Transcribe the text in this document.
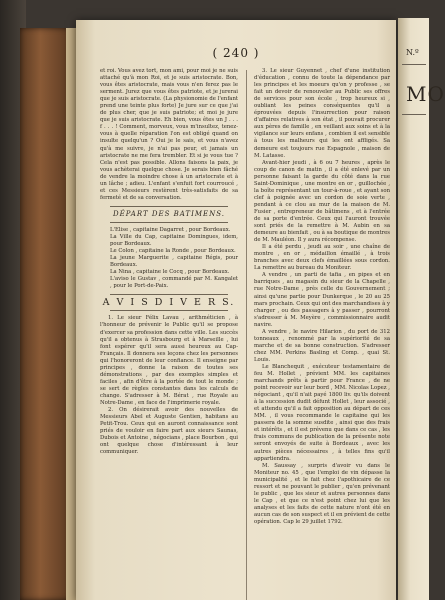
( 240 )

et roi. Vous avez tort, mon ami, pour moi je ne suis attaché qu'à mon Roi, et je suis aristocrate. Bon, vous êtes aristocrate, mais vous n'en ferez pas le serment. Jurez que vous êtes patriote, et je jurerai que je suis aristocrate. (La physionomie de l'enfant prend une teinte plus forte) Je jure sur ce que j'ai de plus cher, que je suis patriote; et moi je jure que je suis aristocrate. Eh bien, vous êtes un J . . . f . . . ! Comment, morveux, vous m'insultez, tenez-vous à quelle réparation l'on est obligé quand on insulte quelqu'un ? Oui je le sais, et vous n'avez qu'à me suivre, je n'ai pas peur, et jamais un aristocrate ne me fera trembler. Et si je vous tue ? Cela n'est pas possible. Allons faisons la paix, je vous achèterai quelque chose. Je serais bien fâché de vendre la moindre chose à un aristocrate et à un lâche ; adieu. L'enfant s'enfuit fort courroucé , et ces Messieurs restèrent très-satisfaits de sa fermeté et de sa conversation.

DÉPART DES BATIMENS.

L'Elise , capitaine Dagarret , pour Bordeaux.

La Ville du Cap, capitaine Domingues, idem, pour Bordeaux.

Le Colon , capitaine la Ronde , pour Bordeaux.

La jeune Marguerite , capitaine Régis, pour Bordeaux.

La Nina , capitaine le Cocq , pour Bordeaux.

L'aviso le Gustav , commandé par M. Kangalet , pour le Port-de-Paix.

A V I S D I V E R S.

1. Le sieur Félix Lavau , arithméticien , à l'honneur de prévenir le Public qu'il se propose d'exercer sa profession dans cette ville. Les succès qu'il a obtenus à Strasbourg et à Marseille , lui font espérer qu'il sera aussi heureux au Cap-Français. Il donnera ses leçons chez les personnes qui l'honoreront de leur confiance. Il enseigne par principes , donne la raison de toutes ses démonstrations , par des exemples simples et faciles , afin d'être à la portée de tout le monde ; se sert de règles constantes dans les calculs de change. S'adresser à M. Bérat , rue Royale au Notre-Dame , en face de l'imprimerie royale.

2. On désirerait avoir des nouvelles de Messieurs Abel et Auguste Gentien, habitans au Petit-Trou. Ceux qui en auront connaissance sont priés de vouloir en faire part aux sieurs Saunas, Dubois et Antoine , négocians , place Bourbon , qui ont quelque chose d'intéressant à leur communiquer.

3. Le sieur Guyennet , chef d'une institution d'éducation , connu de toute la dépendance par les principes et les moeurs qu'on y professe , se fait un devoir de renouveler au Public ses offres de services pour son école , trop heureux si , oubliant les peines conséquentes qu'il a éprouvées depuis l'insurrection pour raison d'affaires relatives à son état , il pouvait procurer aux pères de famille , en veillant aux soins et à la vigilance sur leurs enfans , combien il est sensible à tous les malheurs qui les ont affligés. Sa demeure est toujours rue Espagnole , maison de M. Latasse.

Avant-hier jeudi , à 6 ou 7 heures , après le coup de canon de matin , il a été enlevé par un personne faisant la garde du côté dans la rue Saint-Dominique , une montre en or , guillochée , la boîte représentant un tour-à-roue , et ayant son clef à poignée avec un cordon de soie verte , pendant à ce clou au mur de la maison de M. Fusier , entrepreneur de bâtimens , et à l'entrée de sa porte d'entrée. Ceux qui l'auront trouvée sont priés de la remettre à M. Aubin en sa demeure au bienfait , ou à sa boutique de montres de M. Mauléon. Il y aura récompense.

Il a été perdu , jeudi au soir , une chaîne de montre , en or , médaillon émaillé , à trois branches avec deux clefs émaillées sous cordon. La remettre au bureau du Moniteur.

A vendre , un parti de tafia , en pipes et en barriques , au magasin du sieur de la Chapelle , rue Notre-Dame , près celle du Gouvernement ; ainsi qu'une partie pour Dunkerque , le 20 au 25 mars prochain. Ceux qui ont des marchandises à y charger , ou des passagers à y passer , pourront s'adresser à M. Meyère , commissionnaire audit navire.

A vendre , le navire Hilarion , du port de 312 tonneaux , renommé par la supériorité de sa marche et de sa bonne construction. S'adresser chez MM. Perkins Basling et Comp. , quai St. Louis.

Le Blanchequit , exécuteur testamentaire de feu M. Hollet , prévient MM. les capitaines marchands prêts à partir pour France , de ne point recevoir sur leur bord , MM. Nicolas Lopez , négociant , qu'il n'ait payé 1800 liv. qu'ils doivent à la succession dudit défunt Hollet , leur associé , et attendu qu'il a fait opposition au départ de ces MM. , il vous recommande le capitaine qui les passera de la somme susdite , ainsi que des frais et intérêts , et il est prévenu que dans ce cas , les frais communs de publication de la présente note seront envoyés de suite à Bordeaux , avec les autres pièces nécessaires , à telles fins qu'il appartiendra.

M. Saussay , surpris d'avoir vu dans le Moniteur no. 45 , que l'emploi de vin dépasse la municipalité , et le fait chez l'apothicaire de ce ressort et ne pouvant le publier , qu'en prévenant le public , que les sieur et autres personnes dans le Cap , et que ce n'est point chez lui que les analyses et les faits de cette nature n'ont été en aucun cas de son suspect et il en prévient de cette opération. Cap le 29 juillet 1792.

N.º
MO
